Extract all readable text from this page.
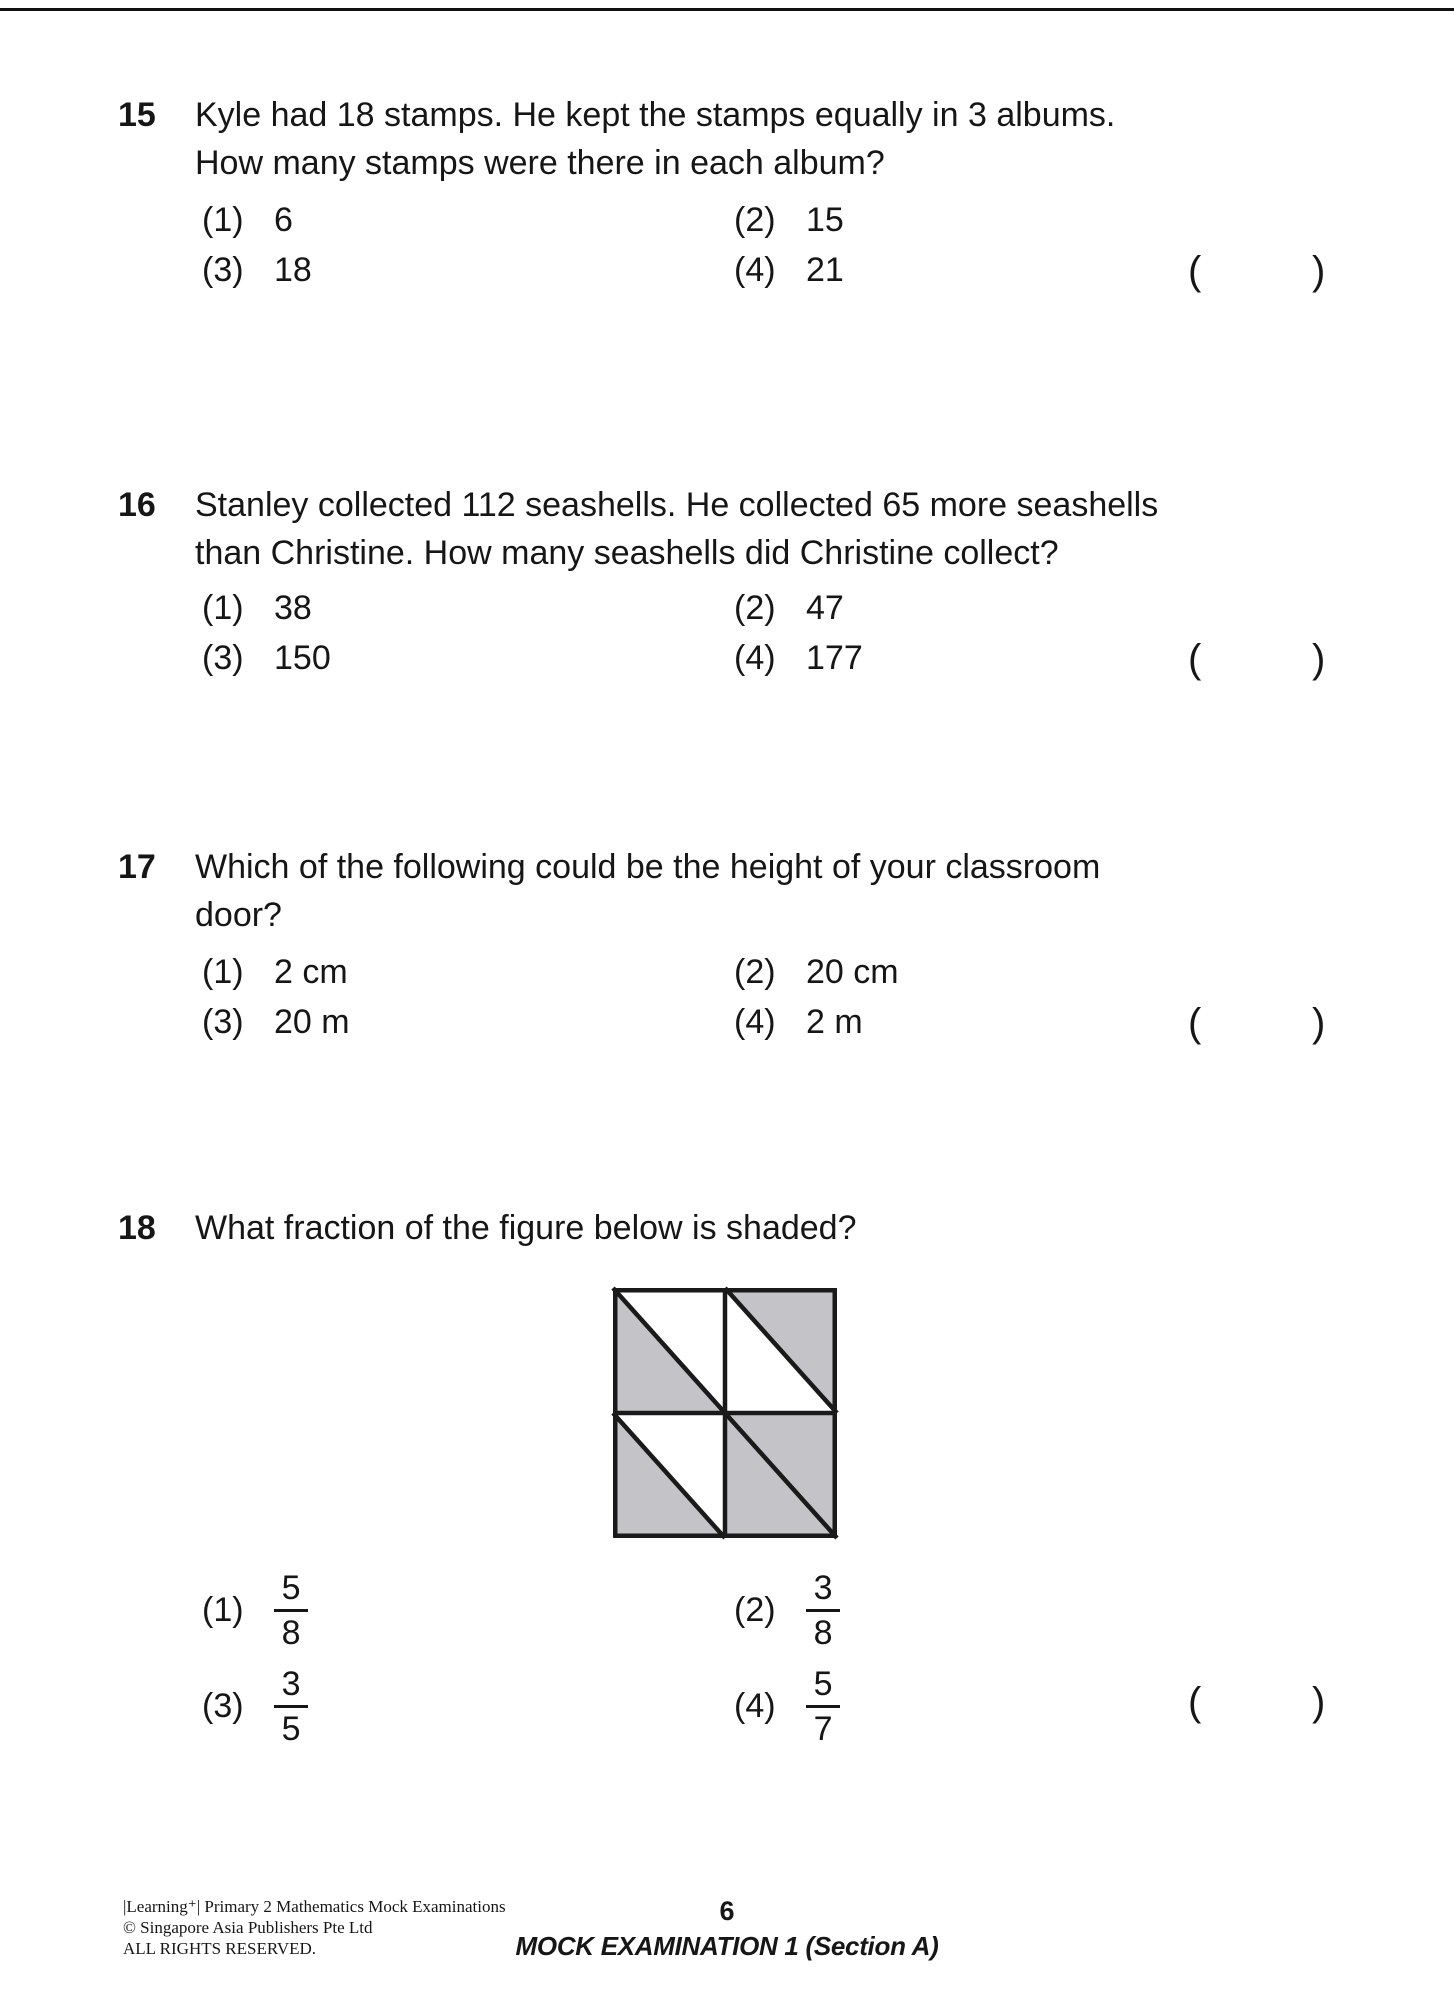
15 Kyle had 18 stamps. He kept the stamps equally in 3 albums.
How many stamps were there in each album?
(1) 6	(2) 15
(3) 18	(4) 21	(	)
16 Stanley collected 112 seashells. He collected 65 more seashells
than Christine. How many seashells did Christine collect?
(1) 38	(2) 47
(3) 150	(4) 177	(	)
17 Which of the following could be the height of your classroom
door?
(1) 2 cm	(2) 20 cm
(3) 20 m	(4) 2 m	(	)
18 What fraction of the figure below is shaded?
$(1) \frac{5}{8}$	$(2) \frac{3}{8}$
$(3) \frac{3}{5}$	$(4) \frac{5}{7}$	(	)
|Learning⁺| Primary 2 Mathematics Mock Examinations
© Singapore Asia Publishers Pte Ltd
ALL RIGHTS RESERVED.
6
MOCK EXAMINATION 1 (Section A)
